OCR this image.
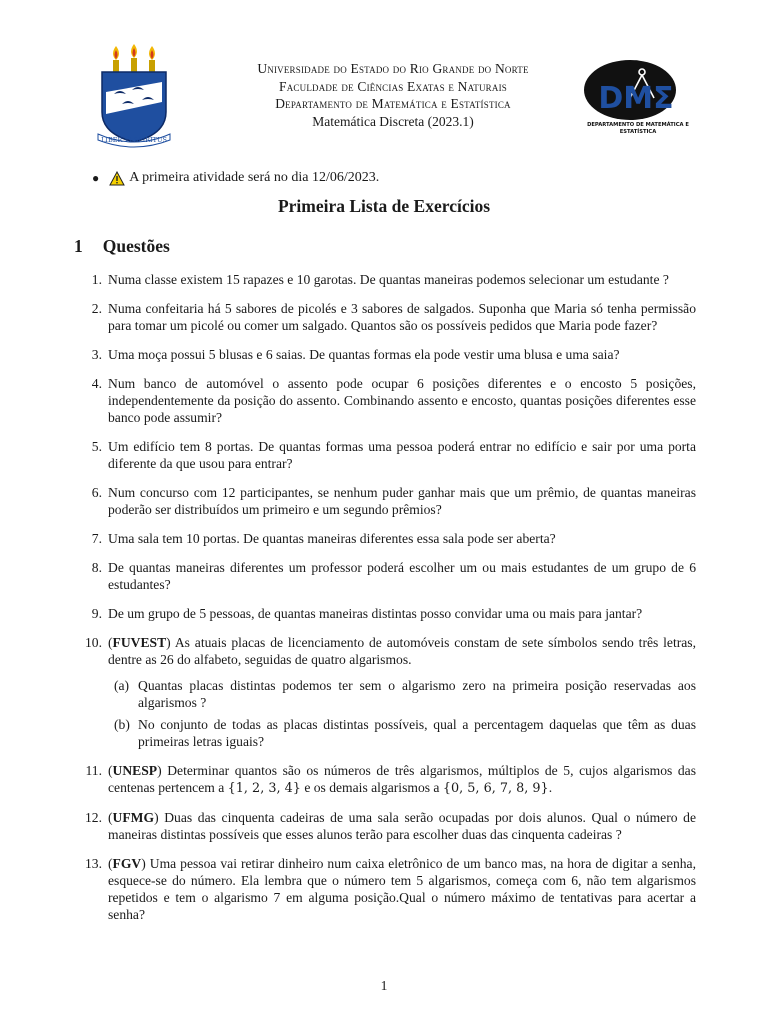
LIBER VI SPIRITUS
Universidade do Estado do Rio Grande do Norte
Faculdade de Ciências Exatas e Naturais
Departamento de Matemática e Estatística
Matemática Discreta (2023.1)
DMΣ
DEPARTAMENTO DE MATEMÁTICA E
ESTATÍSTICA
● A primeira atividade será no dia 12/06/2023.
Primeira Lista de Exercícios
1 Questões
1. Numa classe existem 15 rapazes e 10 garotas. De quantas maneiras podemos selecionar um estudante ?
2. Numa confeitaria há 5 sabores de picolés e 3 sabores de salgados. Suponha que Maria só tenha permissão para tomar um picolé ou comer um salgado. Quantos são os possíveis pedidos que Maria pode fazer?
3. Uma moça possui 5 blusas e 6 saias. De quantas formas ela pode vestir uma blusa e uma saia?
4. Num banco de automóvel o assento pode ocupar 6 posições diferentes e o encosto 5 posições, independentemente da posição do assento. Combinando assento e encosto, quantas posições diferentes esse banco pode assumir?
5. Um edifício tem 8 portas. De quantas formas uma pessoa poderá entrar no edifício e sair por uma porta diferente da que usou para entrar?
6. Num concurso com 12 participantes, se nenhum puder ganhar mais que um prêmio, de quantas maneiras poderão ser distribuídos um primeiro e um segundo prêmios?
7. Uma sala tem 10 portas. De quantas maneiras diferentes essa sala pode ser aberta?
8. De quantas maneiras diferentes um professor poderá escolher um ou mais estudantes de um grupo de 6 estudantes?
9. De um grupo de 5 pessoas, de quantas maneiras distintas posso convidar uma ou mais para jantar?
10. (FUVEST) As atuais placas de licenciamento de automóveis constam de sete símbolos sendo três letras, dentre as 26 do alfabeto, seguidas de quatro algarismos.
(a) Quantas placas distintas podemos ter sem o algarismo zero na primeira posição reservadas aos algarismos ?
(b) No conjunto de todas as placas distintas possíveis, qual a percentagem daquelas que têm as duas primeiras letras iguais?
11. (UNESP) Determinar quantos são os números de três algarismos, múltiplos de 5, cujos algarismos das centenas pertencem a {1, 2, 3, 4} e os demais algarismos a {0, 5, 6, 7, 8, 9}.
12. (UFMG) Duas das cinquenta cadeiras de uma sala serão ocupadas por dois alunos. Qual o número de maneiras distintas possíveis que esses alunos terão para escolher duas das cinquenta cadeiras ?
13. (FGV) Uma pessoa vai retirar dinheiro num caixa eletrônico de um banco mas, na hora de digitar a senha, esquece-se do número. Ela lembra que o número tem 5 algarismos, começa com 6, não tem algarismos repetidos e tem o algarismo 7 em alguma posição.Qual o número máximo de tentativas para acertar a senha?
1
